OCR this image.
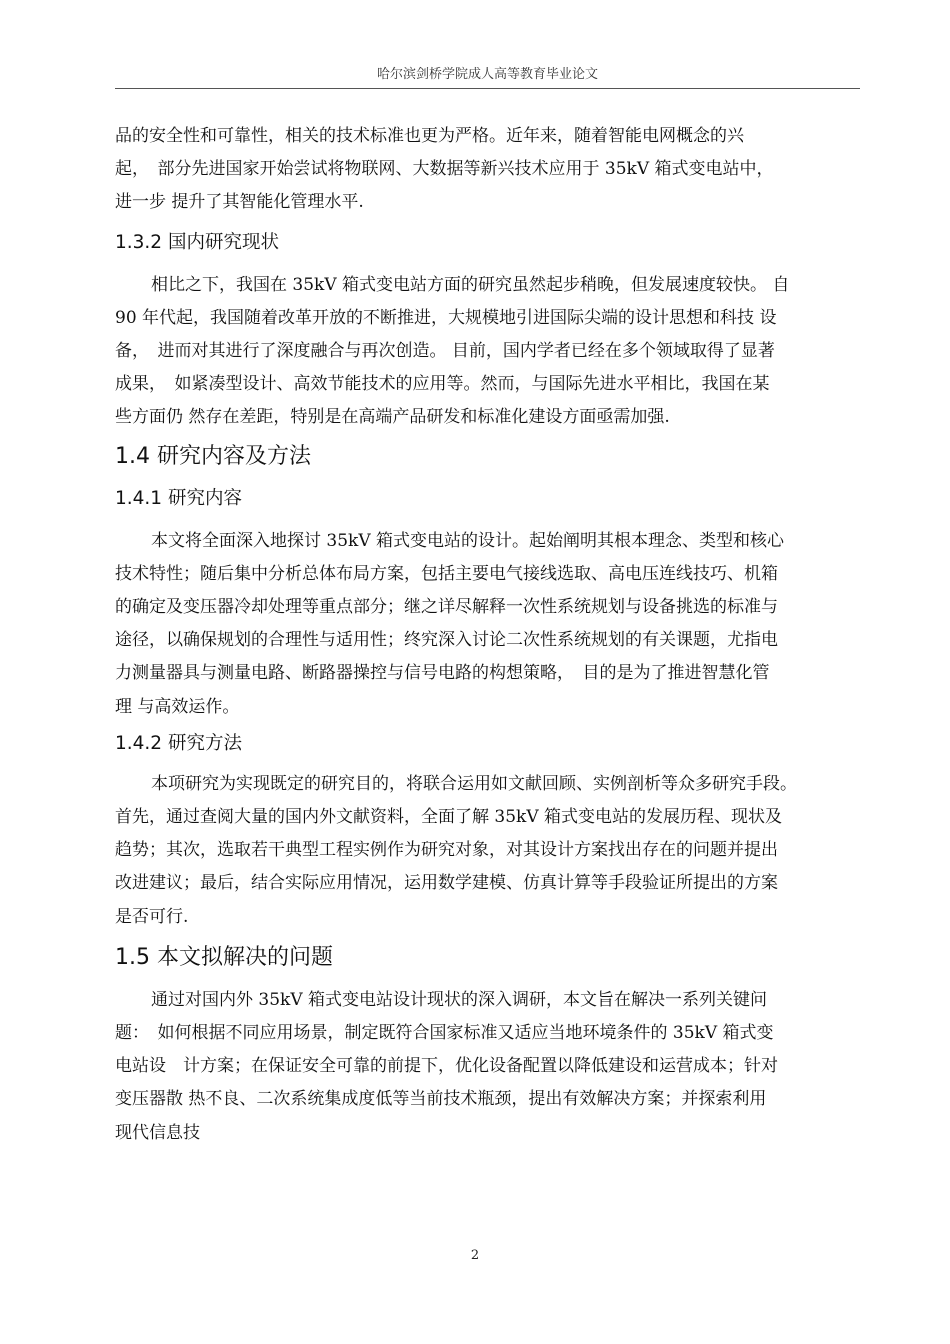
哈尔滨剑桥学院成人高等教育毕业论文

品的安全性和可靠性，相关的技术标准也更为严格。近年来，随着智能电网概念的兴
起，　部分先进国家开始尝试将物联网、大数据等新兴技术应用于 35kV 箱式变电站中，
进一步 提升了其智能化管理水平.

1.3.2 国内研究现状

相比之下，我国在 35kV 箱式变电站方面的研究虽然起步稍晚，但发展速度较快。 自
90 年代起，我国随着改革开放的不断推进，大规模地引进国际尖端的设计思想和科技 设
备，　进而对其进行了深度融合与再次创造。 目前，国内学者已经在多个领域取得了显著
成果，　如紧凑型设计、高效节能技术的应用等。然而，与国际先进水平相比，我国在某
些方面仍 然存在差距，特别是在高端产品研发和标准化建设方面亟需加强.

1.4 研究内容及方法
1.4.1 研究内容

本文将全面深入地探讨 35kV 箱式变电站的设计。起始阐明其根本理念、类型和核心
技术特性；随后集中分析总体布局方案，包括主要电气接线选取、高电压连线技巧、机箱
的确定及变压器冷却处理等重点部分；继之详尽解释一次性系统规划与设备挑选的标准与
途径，以确保规划的合理性与适用性；终究深入讨论二次性系统规划的有关课题，尤指电
力测量器具与测量电路、断路器操控与信号电路的构想策略，　目的是为了推进智慧化管
理 与高效运作。

1.4.2 研究方法

本项研究为实现既定的研究目的，将联合运用如文献回顾、实例剖析等众多研究手段。
首先，通过查阅大量的国内外文献资料，全面了解 35kV 箱式变电站的发展历程、现状及
趋势；其次，选取若干典型工程实例作为研究对象，对其设计方案找出存在的问题并提出
改进建议；最后，结合实际应用情况，运用数学建模、仿真计算等手段验证所提出的方案
是否可行.

1.5 本文拟解决的问题

通过对国内外 35kV 箱式变电站设计现状的深入调研，本文旨在解决一系列关键问
题：　如何根据不同应用场景，制定既符合国家标准又适应当地环境条件的 35kV 箱式变
电站设　计方案；在保证安全可靠的前提下，优化设备配置以降低建设和运营成本；针对
变压器散 热不良、二次系统集成度低等当前技术瓶颈，提出有效解决方案；并探索利用
现代信息技

2
